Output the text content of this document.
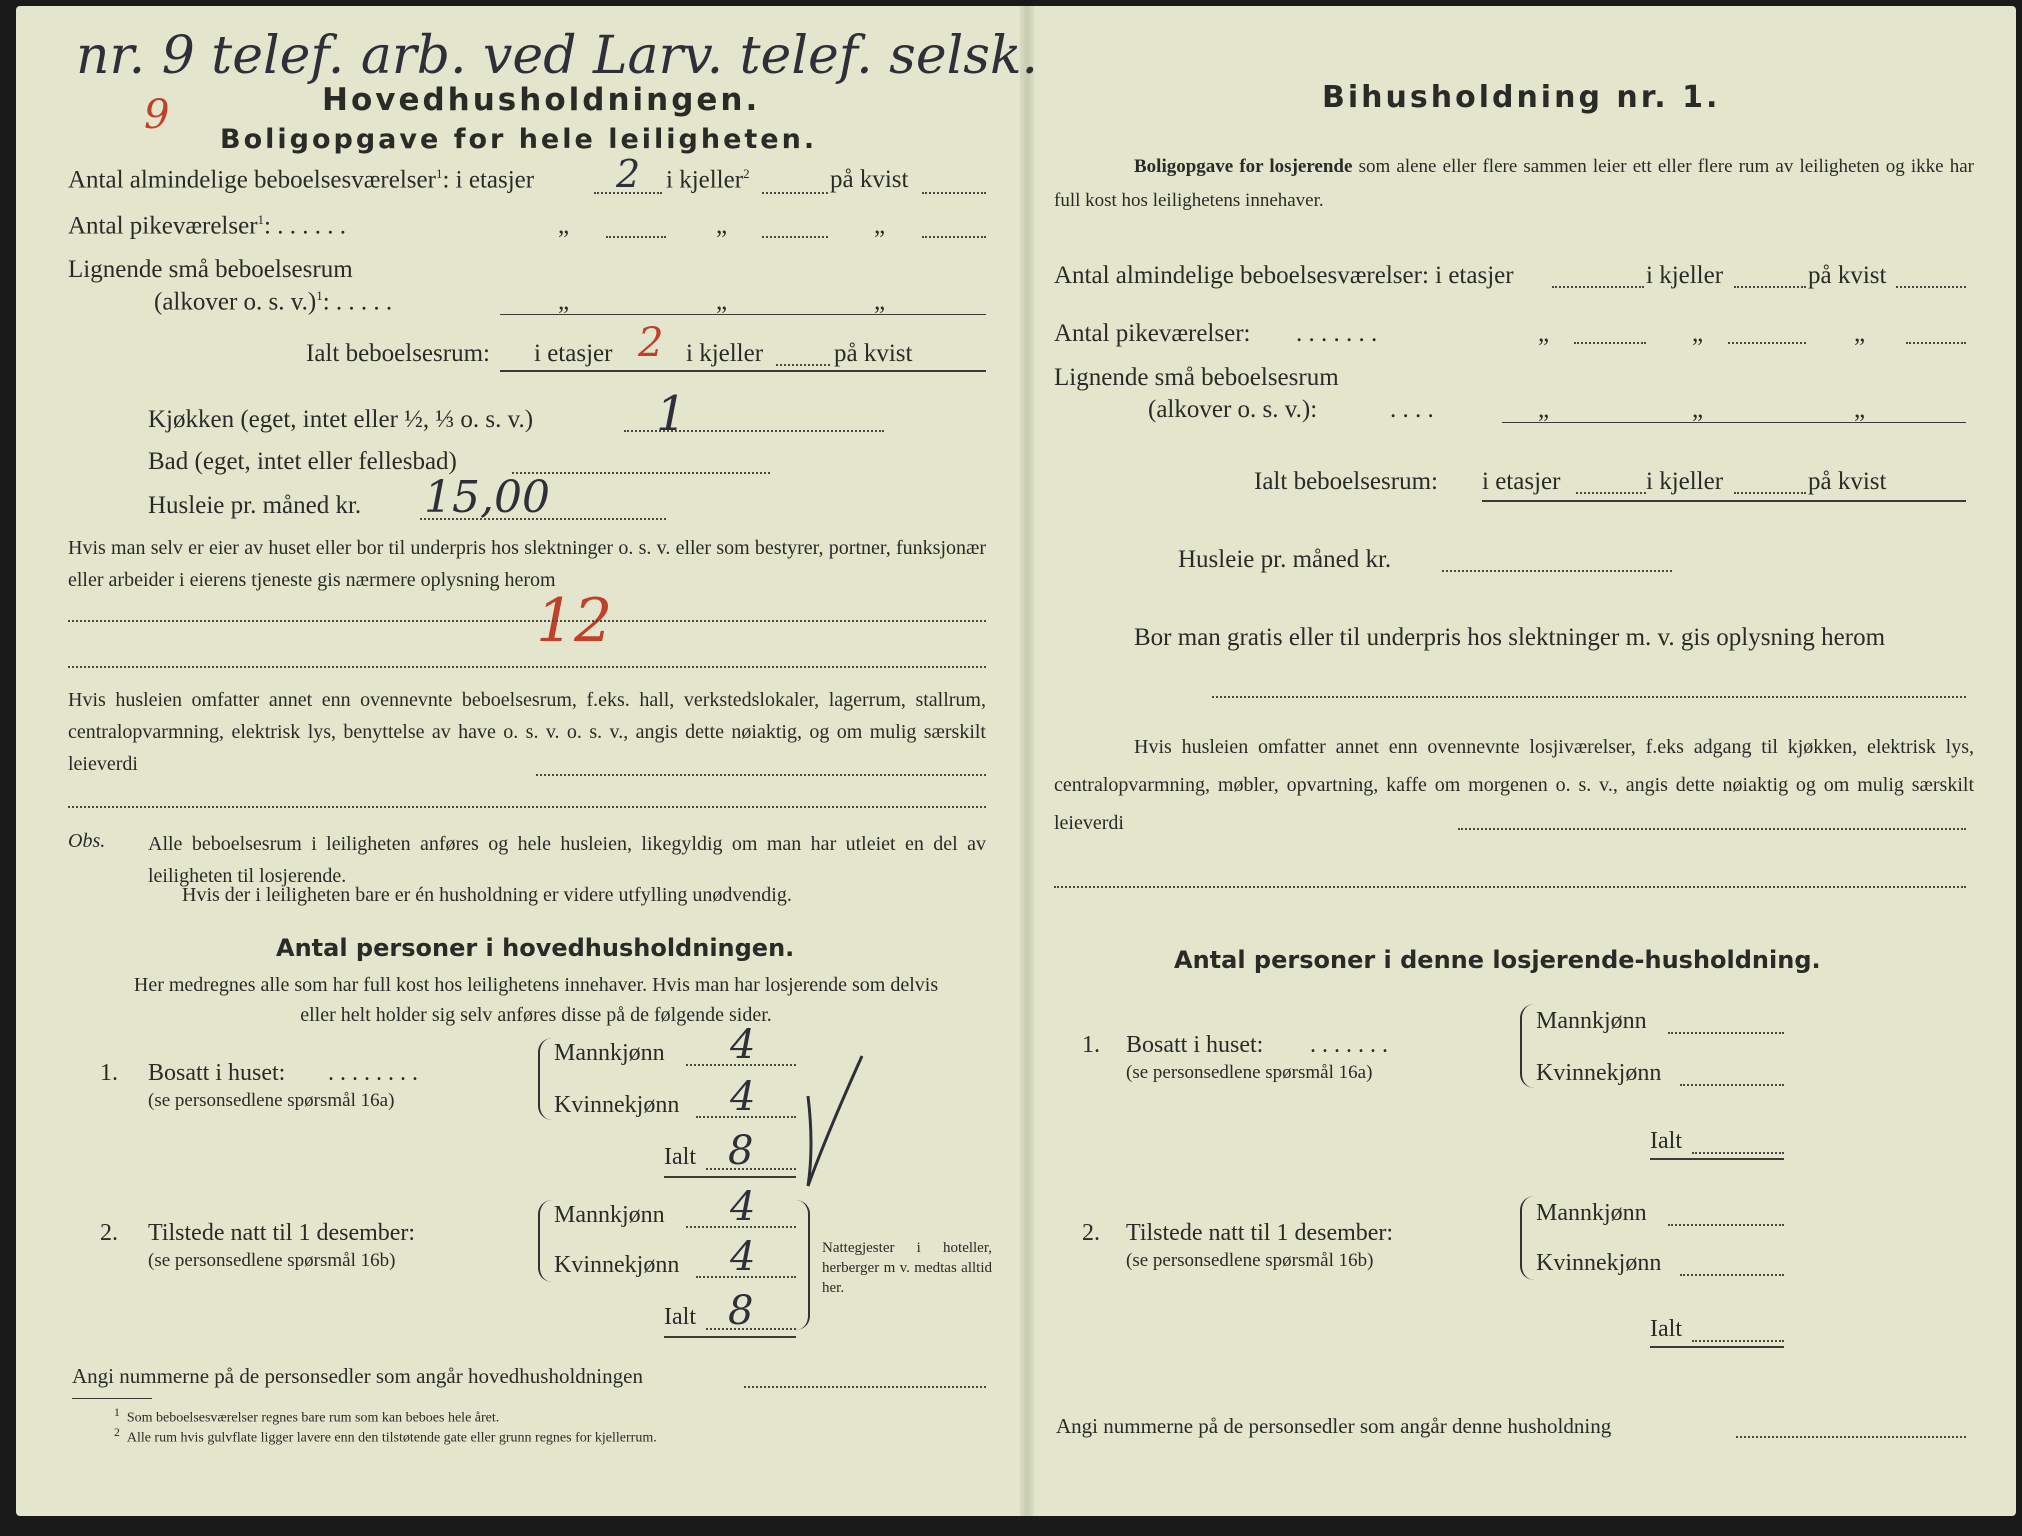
nr. 9 telef. arb. ved Larv. telef. selsk.
9	Hovedhusholdningen.
Boligopgave for hele leiligheten.
Antal almindelige beboelsesværelser$^1$: i etasjer 2 i kjeller$^2$	på kvist
Antal pikeværelser$^1$: . . . . . .	„	„	„
Lignende små beboelsesrum
(alkover o. s. v.)$^1$: . . . . .	„	„	„
Ialt beboelsesrum: i etasjer 2 i kjeller	på kvist
Kjøkken (eget, intet eller ½, ⅓ o. s. v.)	1
Bad (eget, intet eller fellesbad)
Husleie pr. måned kr. 15,00
Hvis man selv er eier av huset eller bor til underpris hos slektninger o. s. v. eller som bestyrer, portner, funksjonær eller arbeider i eierens tjeneste gis nærmere oplysning herom
12
Hvis husleien omfatter annet enn ovennevnte beboelsesrum, f.eks. hall, verkstedslokaler, lagerrum, stallrum, centralopvarmning, elektrisk lys, benyttelse av have o. s. v. o. s. v., angis dette nøiaktig, og om mulig særskilt leieverdi
Obs. Alle beboelsesrum i leiligheten anføres og hele husleien, likegyldig om man har utleiet en del av leiligheten til losjerende.
Hvis der i leiligheten bare er én husholdning er videre utfylling unødvendig.
Antal personer i hovedhusholdningen.
Her medregnes alle som har full kost hos leilighetens innehaver. Hvis man har losjerende som delvis eller helt holder sig selv anføres disse på de følgende sider.
1. Bosatt i huset: . . . . . . . .
(se personsedlene spørsmål 16a)
Mannkjønn 4
Kvinnekjønn 4
Ialt 8
2. Tilstede natt til 1 desember:
(se personsedlene spørsmål 16b)
Mannkjønn 4
Kvinnekjønn 4
Ialt 8
Nattegjester i hoteller, herberger m v. medtas alltid her.
Angi nummerne på de personsedler som angår hovedhusholdningen
$^1$ Som beboelsesværelser regnes bare rum som kan beboes hele året.
$^2$ Alle rum hvis gulvflate ligger lavere enn den tilstøtende gate eller grunn regnes for kjellerrum.
Bihusholdning nr. 1.
Boligopgave for losjerende som alene eller flere sammen leier ett eller flere rum av leiligheten og ikke har full kost hos leilighetens innehaver.
Antal almindelige beboelsesværelser: i etasjer	i kjeller	på kvist
Antal pikeværelser: . . . . . . .	„	„	„
Lignende små beboelsesrum
(alkover o. s. v.):	. . . .	„	„	„
Ialt beboelsesrum: i etasjer	i kjeller	på kvist
Husleie pr. måned kr.
Bor man gratis eller til underpris hos slektninger m. v. gis oplysning herom
Hvis husleien omfatter annet enn ovennevnte losjiværelser, f.eks adgang til kjøkken, elektrisk lys, centralopvarmning, møbler, opvartning, kaffe om morgenen o. s. v., angis dette nøiaktig og om mulig særskilt leieverdi
Antal personer i denne losjerende-husholdning.
1. Bosatt i huset: . . . . . . .
(se personsedlene spørsmål 16a)
Mannkjønn
Kvinnekjønn
Ialt
2. Tilstede natt til 1 desember:
(se personsedlene spørsmål 16b)
Mannkjønn
Kvinnekjønn
Ialt
Angi nummerne på de personsedler som angår denne husholdning
